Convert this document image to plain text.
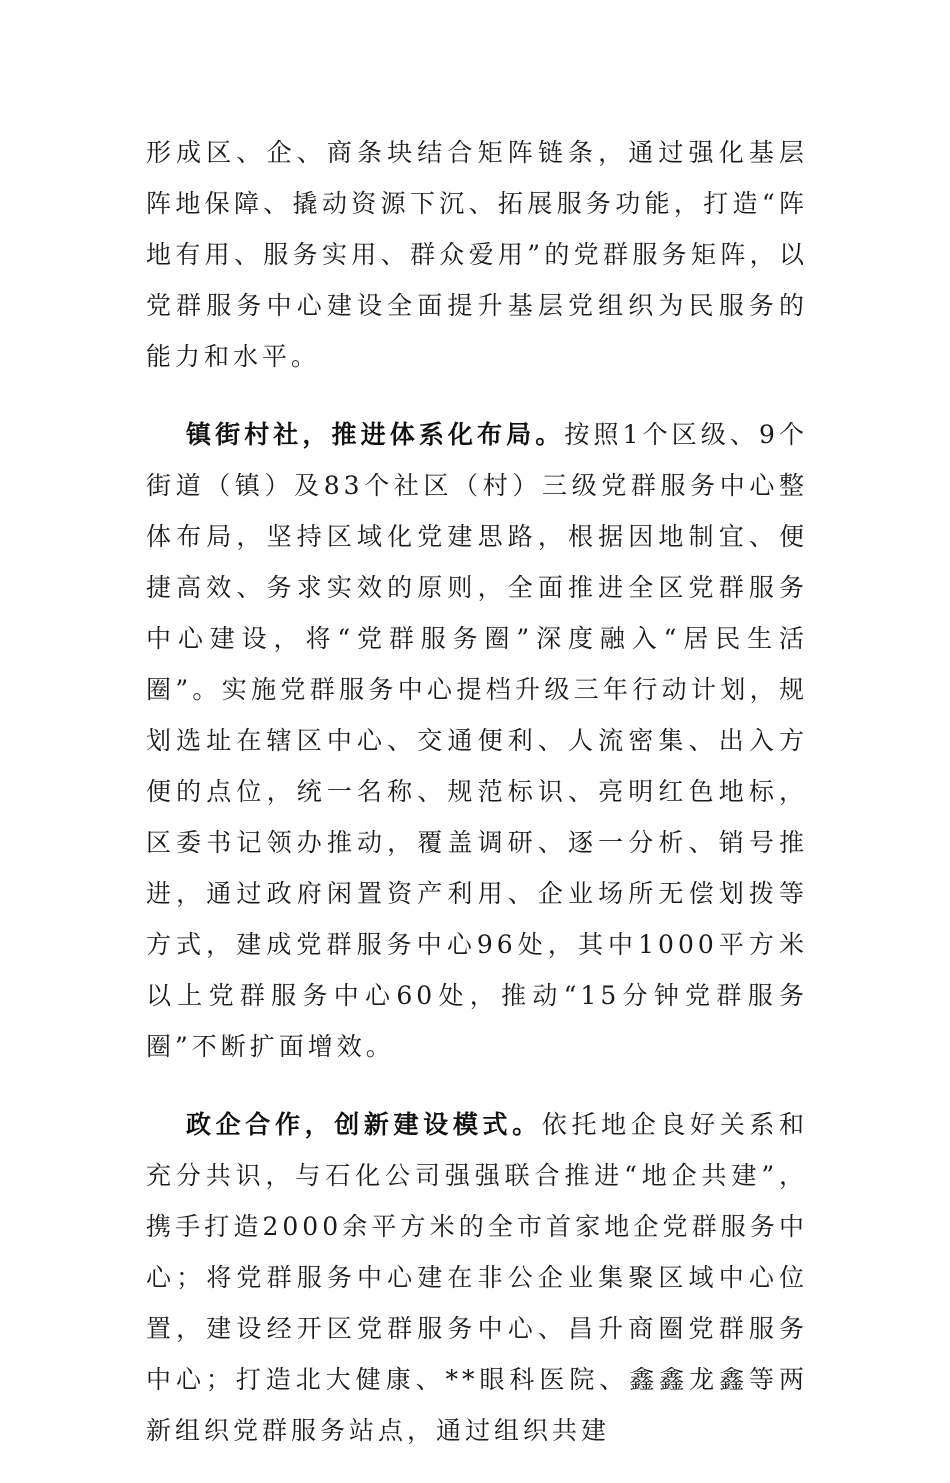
形成区、企、商条块结合矩阵链条，通过强化基层阵地保障、撬动资源下沉、拓展服务功能，打造“阵地有用、服务实用、群众爱用”的党群服务矩阵，以党群服务中心建设全面提升基层党组织为民服务的能力和水平。

镇街村社，推进体系化布局。按照1个区级、9个街道（镇）及83个社区（村）三级党群服务中心整体布局，坚持区域化党建思路，根据因地制宜、便捷高效、务求实效的原则，全面推进全区党群服务中心建设，将“党群服务圈”深度融入“居民生活圈”。实施党群服务中心提档升级三年行动计划，规划选址在辖区中心、交通便利、人流密集、出入方便的点位，统一名称、规范标识、亮明红色地标，区委书记领办推动，覆盖调研、逐一分析、销号推进，通过政府闲置资产利用、企业场所无偿划拨等方式，建成党群服务中心96处，其中1000平方米以上党群服务中心60处，推动“15分钟党群服务圈”不断扩面增效。

政企合作，创新建设模式。依托地企良好关系和充分共识，与石化公司强强联合推进“地企共建”，携手打造2000余平方米的全市首家地企党群服务中心；将党群服务中心建在非公企业集聚区域中心位置，建设经开区党群服务中心、昌升商圈党群服务中心；打造北大健康、**眼科医院、鑫鑫龙鑫等两新组织党群服务站点，通过组织共建
